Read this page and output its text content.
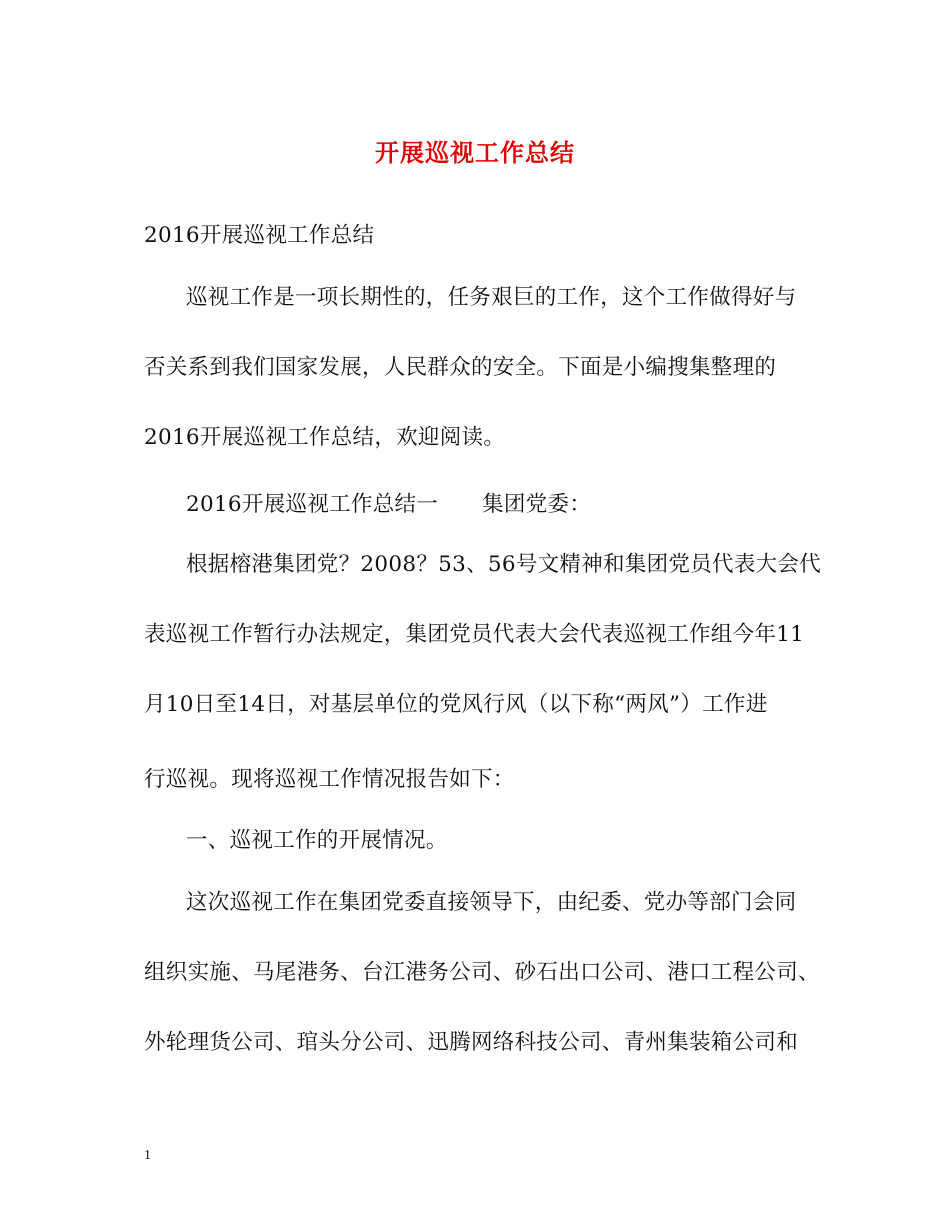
开展巡视工作总结
2016开展巡视工作总结
巡视工作是一项长期性的，任务艰巨的工作，这个工作做得好与
否关系到我们国家发展，人民群众的安全。下面是小编搜集整理的
2016开展巡视工作总结，欢迎阅读。
2016开展巡视工作总结一 集团党委：
根据榕港集团党？2008？53、56号文精神和集团党员代表大会代
表巡视工作暂行办法规定，集团党员代表大会代表巡视工作组今年11
月10日至14日，对基层单位的党风行风（以下称“两风”）工作进
行巡视。现将巡视工作情况报告如下：
一、巡视工作的开展情况。
这次巡视工作在集团党委直接领导下，由纪委、党办等部门会同
组织实施、马尾港务、台江港务公司、砂石出口公司、港口工程公司、
外轮理货公司、琯头分公司、迅腾网络科技公司、青州集装箱公司和
1
